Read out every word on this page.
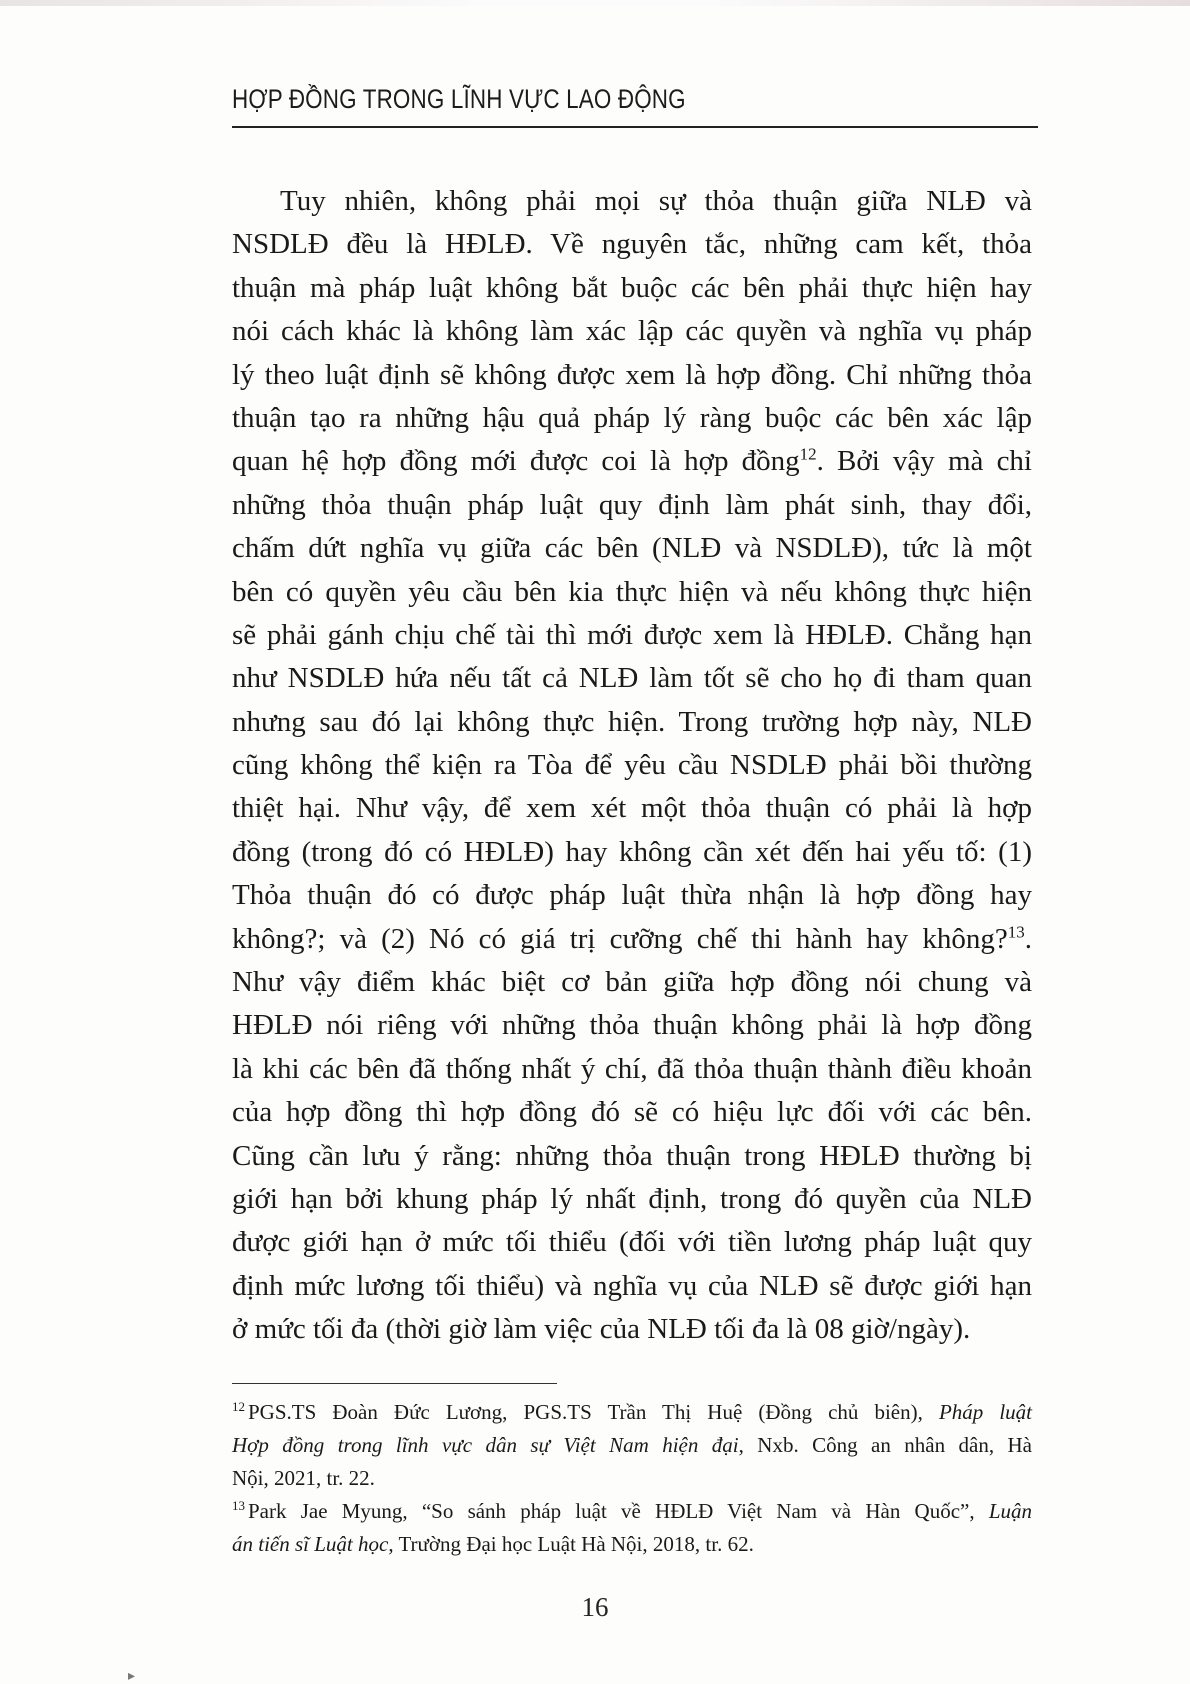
HỢP ĐỒNG TRONG LĨNH VỰC LAO ĐỘNG
Tuy nhiên, không phải mọi sự thỏa thuận giữa NLĐ và
NSDLĐ đều là HĐLĐ. Về nguyên tắc, những cam kết, thỏa
thuận mà pháp luật không bắt buộc các bên phải thực hiện hay
nói cách khác là không làm xác lập các quyền và nghĩa vụ pháp
lý theo luật định sẽ không được xem là hợp đồng. Chỉ những thỏa
thuận tạo ra những hậu quả pháp lý ràng buộc các bên xác lập
quan hệ hợp đồng mới được coi là hợp đồng$^{12}$. Bởi vậy mà chỉ
những thỏa thuận pháp luật quy định làm phát sinh, thay đổi,
chấm dứt nghĩa vụ giữa các bên (NLĐ và NSDLĐ), tức là một
bên có quyền yêu cầu bên kia thực hiện và nếu không thực hiện
sẽ phải gánh chịu chế tài thì mới được xem là HĐLĐ. Chẳng hạn
như NSDLĐ hứa nếu tất cả NLĐ làm tốt sẽ cho họ đi tham quan
nhưng sau đó lại không thực hiện. Trong trường hợp này, NLĐ
cũng không thể kiện ra Tòa để yêu cầu NSDLĐ phải bồi thường
thiệt hại. Như vậy, để xem xét một thỏa thuận có phải là hợp
đồng (trong đó có HĐLĐ) hay không cần xét đến hai yếu tố: (1)
Thỏa thuận đó có được pháp luật thừa nhận là hợp đồng hay
không?; và (2) Nó có giá trị cưỡng chế thi hành hay không?$^{13}$.
Như vậy điểm khác biệt cơ bản giữa hợp đồng nói chung và
HĐLĐ nói riêng với những thỏa thuận không phải là hợp đồng
là khi các bên đã thống nhất ý chí, đã thỏa thuận thành điều khoản
của hợp đồng thì hợp đồng đó sẽ có hiệu lực đối với các bên.
Cũng cần lưu ý rằng: những thỏa thuận trong HĐLĐ thường bị
giới hạn bởi khung pháp lý nhất định, trong đó quyền của NLĐ
được giới hạn ở mức tối thiểu (đối với tiền lương pháp luật quy
định mức lương tối thiểu) và nghĩa vụ của NLĐ sẽ được giới hạn
ở mức tối đa (thời giờ làm việc của NLĐ tối đa là 08 giờ/ngày).
$^{12}$ PGS.TS Đoàn Đức Lương, PGS.TS Trần Thị Huệ (Đồng chủ biên), Pháp luật
Hợp đồng trong lĩnh vực dân sự Việt Nam hiện đại, Nxb. Công an nhân dân, Hà
Nội, 2021, tr. 22.
$^{13}$ Park Jae Myung, “So sánh pháp luật về HĐLĐ Việt Nam và Hàn Quốc”, Luận
án tiến sĩ Luật học, Trường Đại học Luật Hà Nội, 2018, tr. 62.
16
▸
